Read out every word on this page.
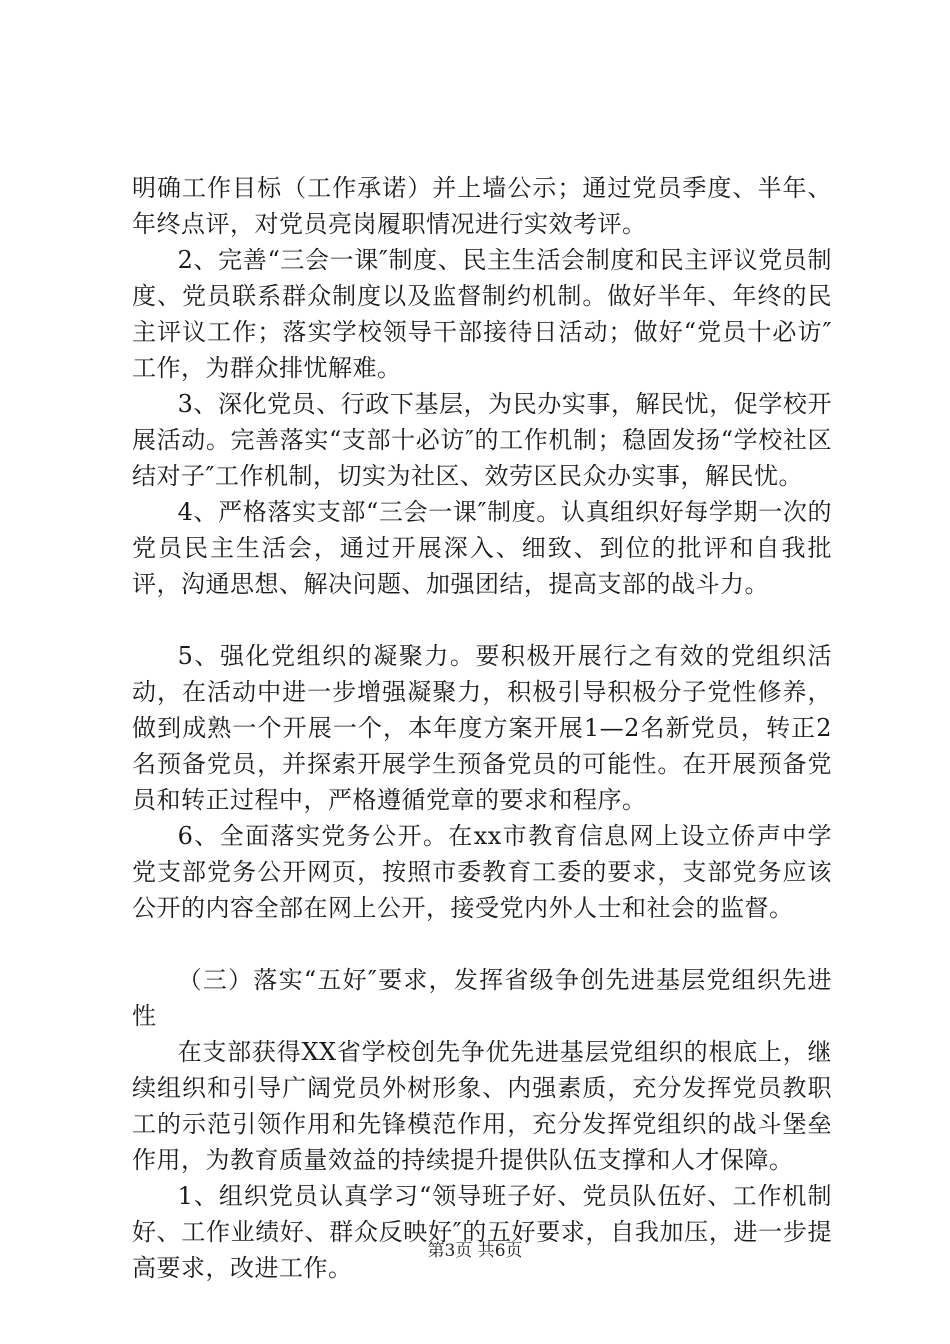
明确工作目标（工作承诺）并上墙公示；通过党员季度、半年、年终点评，对党员亮岗履职情况进行实效考评。

2、完善“三会一课″制度、民主生活会制度和民主评议党员制度、党员联系群众制度以及监督制约机制。做好半年、年终的民主评议工作；落实学校领导干部接待日活动；做好“党员十必访″工作，为群众排忧解难。

3、深化党员、行政下基层，为民办实事，解民忧，促学校开展活动。完善落实“支部十必访″的工作机制；稳固发扬“学校社区结对子″工作机制，切实为社区、效劳区民众办实事，解民忧。

4、严格落实支部“三会一课″制度。认真组织好每学期一次的党员民主生活会，通过开展深入、细致、到位的批评和自我批评，沟通思想、解决问题、加强团结，提高支部的战斗力。

5、强化党组织的凝聚力。要积极开展行之有效的党组织活动，在活动中进一步增强凝聚力，积极引导积极分子党性修养，做到成熟一个开展一个，本年度方案开展1—2名新党员，转正2名预备党员，并探索开展学生预备党员的可能性。在开展预备党员和转正过程中，严格遵循党章的要求和程序。

6、全面落实党务公开。在xx市教育信息网上设立侨声中学党支部党务公开网页，按照市委教育工委的要求，支部党务应该公开的内容全部在网上公开，接受党内外人士和社会的监督。

（三）落实“五好″要求，发挥省级争创先进基层党组织先进性

在支部获得XX省学校创先争优先进基层党组织的根底上，继续组织和引导广阔党员外树形象、内强素质，充分发挥党员教职工的示范引领作用和先锋模范作用，充分发挥党组织的战斗堡垒作用，为教育质量效益的持续提升提供队伍支撑和人才保障。

1、组织党员认真学习“领导班子好、党员队伍好、工作机制好、工作业绩好、群众反映好″的五好要求，自我加压，进一步提高要求，改进工作。

第3页 共6页
